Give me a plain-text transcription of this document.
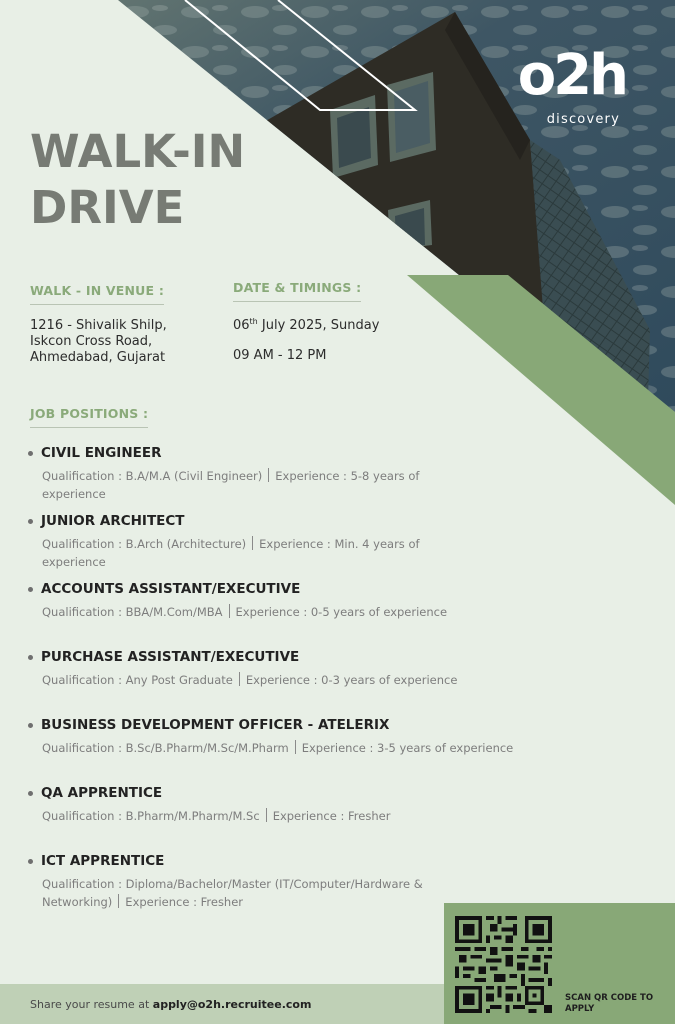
o2h
discovery
WALK-IN
DRIVE
WALK - IN VENUE :
1216 - Shivalik Shilp,
Iskcon Cross Road,
Ahmedabad, Gujarat
DATE & TIMINGS :
06th July 2025, Sunday
09 AM - 12 PM
JOB POSITIONS :
CIVIL ENGINEER
Qualification : B.A/M.A (Civil Engineer) Experience : 5-8 years of experience
JUNIOR ARCHITECT
Qualification : B.Arch (Architecture) Experience : Min. 4 years of experience
ACCOUNTS ASSISTANT/EXECUTIVE
Qualification : BBA/M.Com/MBA Experience : 0-5 years of experience
PURCHASE ASSISTANT/EXECUTIVE
Qualification : Any Post Graduate Experience : 0-3 years of experience
BUSINESS DEVELOPMENT OFFICER - ATELERIX
Qualification : B.Sc/B.Pharm/M.Sc/M.Pharm Experience : 3-5 years of experience
QA APPRENTICE
Qualification : B.Pharm/M.Pharm/M.Sc Experience : Fresher
ICT APPRENTICE
Qualification : Diploma/Bachelor/Master (IT/Computer/Hardware & Networking) Experience : Fresher
Share your resume at apply@o2h.recruitee.com	SCAN QR CODE TO APPLY
